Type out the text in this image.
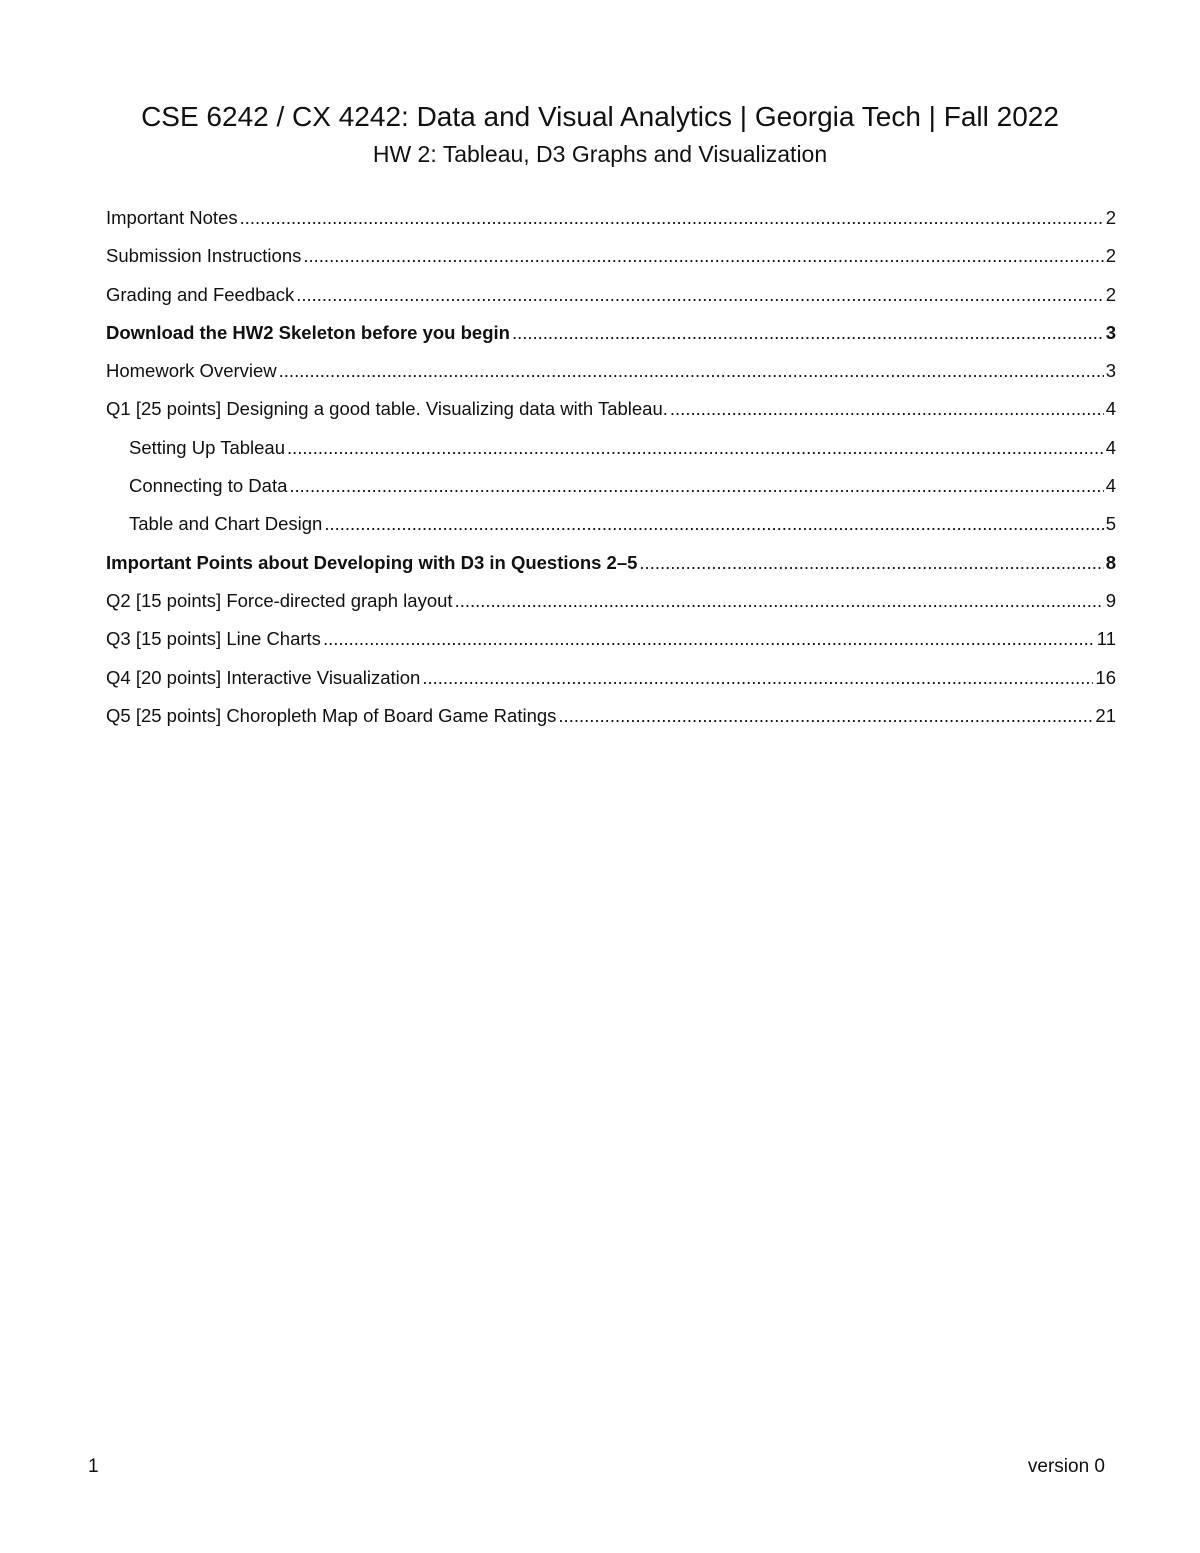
CSE 6242 / CX 4242: Data and Visual Analytics | Georgia Tech | Fall 2022
HW 2: Tableau, D3 Graphs and Visualization
Important Notes .....	2
Submission Instructions .....	2
Grading and Feedback .....	2
Download the HW2 Skeleton before you begin .....	3
Homework Overview .....	3
Q1 [25 points] Designing a good table. Visualizing data with Tableau. .....	4
Setting Up Tableau .....	4
Connecting to Data .....	4
Table and Chart Design .....	5
Important Points about Developing with D3 in Questions 2–5 .....	8
Q2 [15 points] Force-directed graph layout .....	9
Q3 [15 points] Line Charts .....	11
Q4 [20 points] Interactive Visualization .....	16
Q5 [25 points] Choropleth Map of Board Game Ratings .....	21
1	version 0
